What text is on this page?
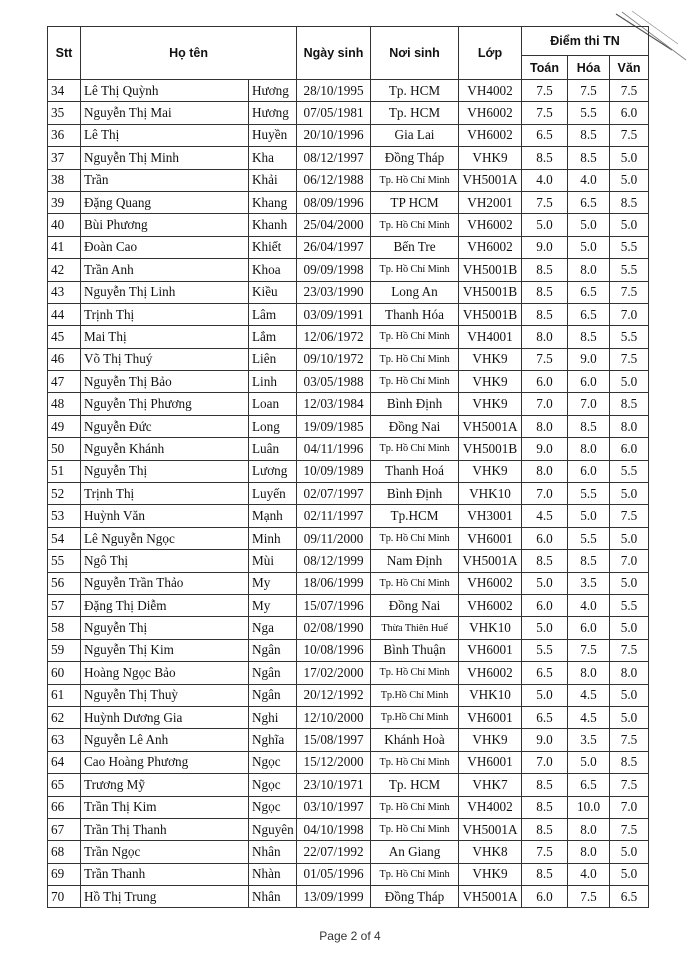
Stt	Họ tên		Ngày sinh	Nơi sinh	Lớp	Điểm thi TN		
						Toán	Hóa	Văn
34	Lê Thị Quỳnh	Hương	28/10/1995	Tp. HCM	VH4002	7.5	7.5	7.5
35	Nguyễn Thị Mai	Hương	07/05/1981	Tp. HCM	VH6002	7.5	5.5	6.0
36	Lê Thị	Huyền	20/10/1996	Gia Lai	VH6002	6.5	8.5	7.5
37	Nguyễn Thị Minh	Kha	08/12/1997	Đồng Tháp	VHK9	8.5	8.5	5.0
38	Trần	Khải	06/12/1988	Tp. Hồ Chí Minh	VH5001A	4.0	4.0	5.0
39	Đặng Quang	Khang	08/09/1996	TP HCM	VH2001	7.5	6.5	8.5
40	Bùi Phương	Khanh	25/04/2000	Tp. Hồ Chí Minh	VH6002	5.0	5.0	5.0
41	Đoàn Cao	Khiết	26/04/1997	Bến Tre	VH6002	9.0	5.0	5.5
42	Trần Anh	Khoa	09/09/1998	Tp. Hồ Chí Minh	VH5001B	8.5	8.0	5.5
43	Nguyễn Thị Linh	Kiều	23/03/1990	Long An	VH5001B	8.5	6.5	7.5
44	Trịnh Thị	Lâm	03/09/1991	Thanh Hóa	VH5001B	8.5	6.5	7.0
45	Mai Thị	Lắm	12/06/1972	Tp. Hồ Chí Minh	VH4001	8.0	8.5	5.5
46	Võ Thị Thuý	Liên	09/10/1972	Tp. Hồ Chí Minh	VHK9	7.5	9.0	7.5
47	Nguyễn Thị Bảo	Linh	03/05/1988	Tp. Hồ Chí Minh	VHK9	6.0	6.0	5.0
48	Nguyễn Thị Phương	Loan	12/03/1984	Bình Định	VHK9	7.0	7.0	8.5
49	Nguyễn Đức	Long	19/09/1985	Đồng Nai	VH5001A	8.0	8.5	8.0
50	Nguyễn Khánh	Luân	04/11/1996	Tp. Hồ Chí Minh	VH5001B	9.0	8.0	6.0
51	Nguyễn Thị	Lương	10/09/1989	Thanh Hoá	VHK9	8.0	6.0	5.5
52	Trịnh Thị	Luyến	02/07/1997	Bình Định	VHK10	7.0	5.5	5.0
53	Huỳnh Văn	Mạnh	02/11/1997	Tp.HCM	VH3001	4.5	5.0	7.5
54	Lê Nguyễn Ngọc	Minh	09/11/2000	Tp. Hồ Chí Minh	VH6001	6.0	5.5	5.0
55	Ngô Thị	Mùi	08/12/1999	Nam Định	VH5001A	8.5	8.5	7.0
56	Nguyễn Trần Thảo	My	18/06/1999	Tp. Hồ Chí Minh	VH6002	5.0	3.5	5.0
57	Đặng Thị Diễm	My	15/07/1996	Đồng Nai	VH6002	6.0	4.0	5.5
58	Nguyễn Thị	Nga	02/08/1990	Thừa Thiên Huế	VHK10	5.0	6.0	5.0
59	Nguyễn Thị Kim	Ngân	10/08/1996	Bình Thuận	VH6001	5.5	7.5	7.5
60	Hoàng Ngọc Bảo	Ngân	17/02/2000	Tp. Hồ Chí Minh	VH6002	6.5	8.0	8.0
61	Nguyễn Thị Thuỳ	Ngân	20/12/1992	Tp.Hồ Chí Minh	VHK10	5.0	4.5	5.0
62	Huỳnh Dương Gia	Nghi	12/10/2000	Tp.Hồ Chí Minh	VH6001	6.5	4.5	5.0
63	Nguyễn Lê Anh	Nghĩa	15/08/1997	Khánh Hoà	VHK9	9.0	3.5	7.5
64	Cao Hoàng Phương	Ngọc	15/12/2000	Tp. Hồ Chí Minh	VH6001	7.0	5.0	8.5
65	Trương Mỹ	Ngọc	23/10/1971	Tp. HCM	VHK7	8.5	6.5	7.5
66	Trần Thị Kim	Ngọc	03/10/1997	Tp. Hồ Chí Minh	VH4002	8.5	10.0	7.0
67	Trần Thị Thanh	Nguyên	04/10/1998	Tp. Hồ Chí Minh	VH5001A	8.5	8.0	7.5
68	Trần Ngọc	Nhân	22/07/1992	An Giang	VHK8	7.5	8.0	5.0
69	Trần Thanh	Nhàn	01/05/1996	Tp. Hồ Chí Minh	VHK9	8.5	4.0	5.0
70	Hồ Thị Trung	Nhân	13/09/1999	Đồng Tháp	VH5001A	6.0	7.5	6.5
Page 2 of 4
